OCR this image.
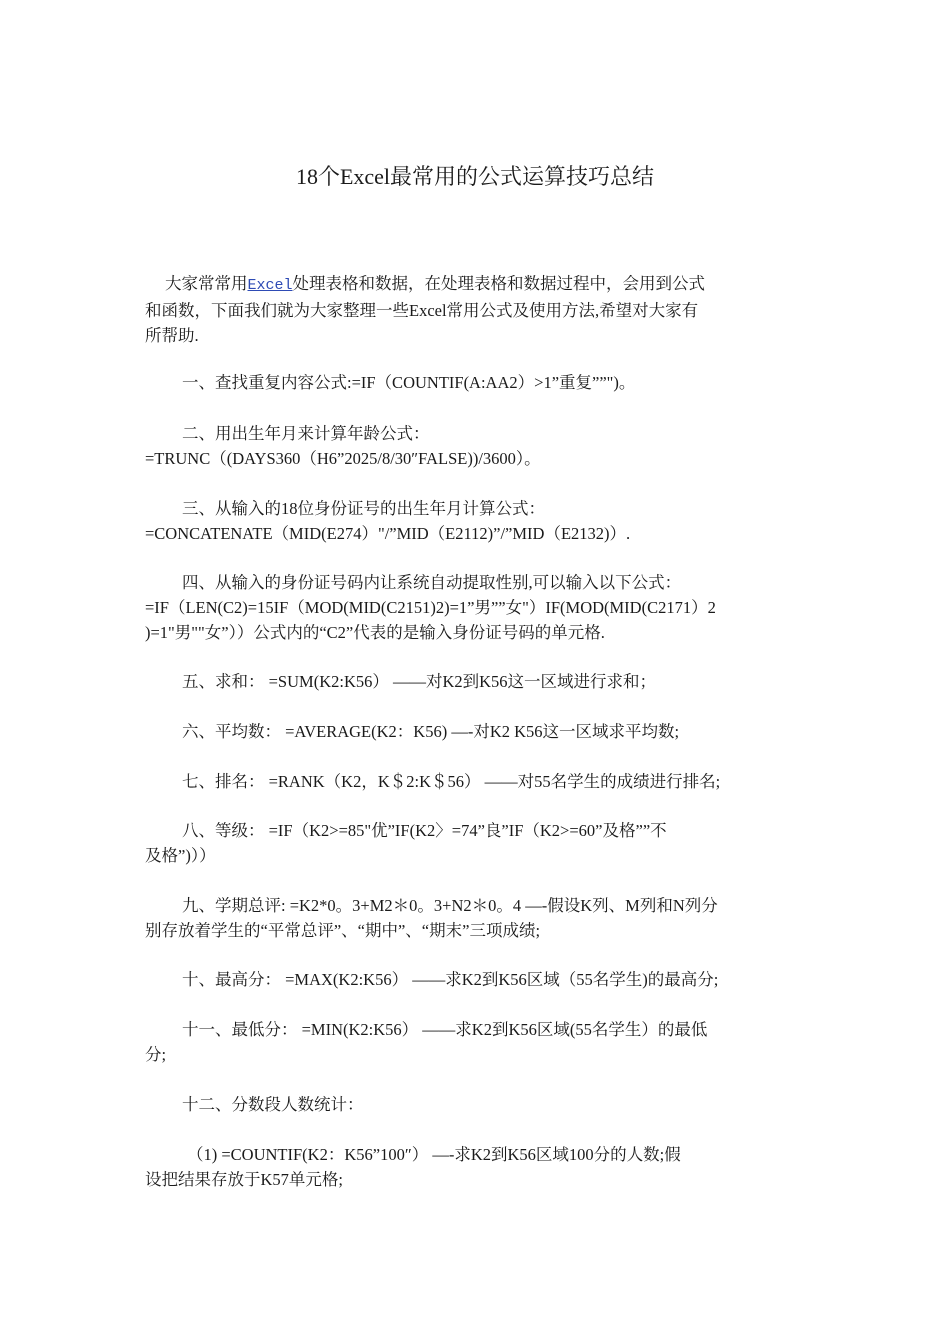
18个Excel最常用的公式运算技巧总结
大家常常用Excel处理表格和数据，在处理表格和数据过程中，会用到公式
和函数，下面我们就为大家整理一些Excel常用公式及使用方法,希望对大家有
所帮助.
一、查找重复内容公式:=IF（COUNTIF(A:AA2）>1”重复””")。
二、用出生年月来计算年龄公式：
=TRUNC（(DAYS360（H6”2025/8/30″FALSE))/3600）。
三、从输入的18位身份证号的出生年月计算公式：
=CONCATENATE（MID(E274）"/”MID（E2112)”/”MID（E2132)）.
四、从输入的身份证号码内让系统自动提取性别,可以输入以下公式：
=IF（LEN(C2)=15IF（MOD(MID(C2151)2)=1”男””女"）IF(MOD(MID(C2171）2
)=1"男""女”））公式内的“C2”代表的是输入身份证号码的单元格.
五、求和： =SUM(K2:K56） ——对K2到K56这一区域进行求和；
六、平均数： =AVERAGE(K2：K56) —-对K2 K56这一区域求平均数;
七、排名： =RANK（K2，K＄2:K＄56） ——对55名学生的成绩进行排名;
八、等级： =IF（K2>=85"优”IF(K2〉=74”良”IF（K2>=60”及格””不
及格”)））
九、学期总评: =K2*0。3+M2＊0。3+N2＊0。4 —-假设K列、M列和N列分
别存放着学生的“平常总评”、“期中”、“期末”三项成绩;
十、最高分： =MAX(K2:K56） ——求K2到K56区域（55名学生)的最高分;
十一、最低分： =MIN(K2:K56） ——求K2到K56区域(55名学生）的最低
分;
十二、分数段人数统计：
（1) =COUNTIF(K2：K56”100″） —-求K2到K56区域100分的人数;假
设把结果存放于K57单元格;
